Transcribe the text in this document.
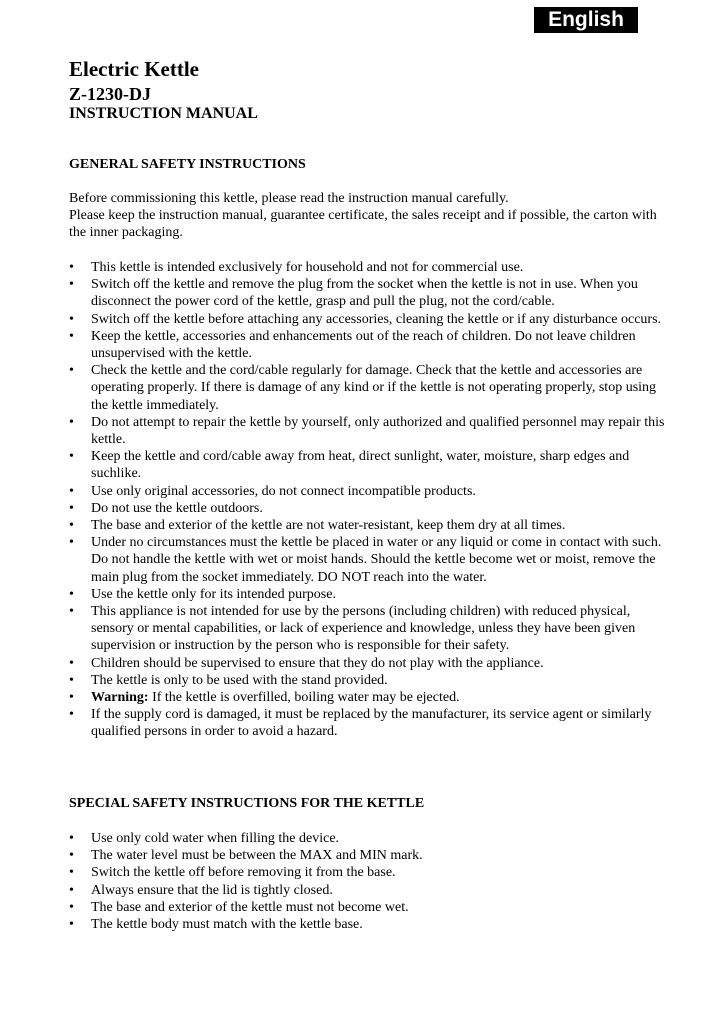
English
Electric Kettle
Z-1230-DJ
INSTRUCTION MANUAL
GENERAL SAFETY INSTRUCTIONS

Before commissioning this kettle, please read the instruction manual carefully.

Please keep the instruction manual, guarantee certificate, the sales receipt and if possible, the carton with the inner packaging.

•	This kettle is intended exclusively for household and not for commercial use.
•	Switch off the kettle and remove the plug from the socket when the kettle is not in use. When you disconnect the power cord of the kettle, grasp and pull the plug, not the cord/cable.
•	Switch off the kettle before attaching any accessories, cleaning the kettle or if any disturbance occurs.
•	Keep the kettle, accessories and enhancements out of the reach of children. Do not leave children unsupervised with the kettle.
•	Check the kettle and the cord/cable regularly for damage. Check that the kettle and accessories are operating properly. If there is damage of any kind or if the kettle is not operating properly, stop using the kettle immediately.
•	Do not attempt to repair the kettle by yourself, only authorized and qualified personnel may repair this kettle.
•	Keep the kettle and cord/cable away from heat, direct sunlight, water, moisture, sharp edges and suchlike.
•	Use only original accessories, do not connect incompatible products.
•	Do not use the kettle outdoors.
•	The base and exterior of the kettle are not water-resistant, keep them dry at all times.
•	Under no circumstances must the kettle be placed in water or any liquid or come in contact with such. Do not handle the kettle with wet or moist hands. Should the kettle become wet or moist, remove the main plug from the socket immediately. DO NOT reach into the water.
•	Use the kettle only for its intended purpose.
•	This appliance is not intended for use by the persons (including children) with reduced physical, sensory or mental capabilities, or lack of experience and knowledge, unless they have been given supervision or instruction by the person who is responsible for their safety.
•	Children should be supervised to ensure that they do not play with the appliance.
•	The kettle is only to be used with the stand provided.
•	Warning: If the kettle is overfilled, boiling water may be ejected.
•	If the supply cord is damaged, it must be replaced by the manufacturer, its service agent or similarly qualified persons in order to avoid a hazard.
SPECIAL SAFETY INSTRUCTIONS FOR THE KETTLE
•	Use only cold water when filling the device.
•	The water level must be between the MAX and MIN mark.
•	Switch the kettle off before removing it from the base.
•	Always ensure that the lid is tightly closed.
•	The base and exterior of the kettle must not become wet.
•	The kettle body must match with the kettle base.
